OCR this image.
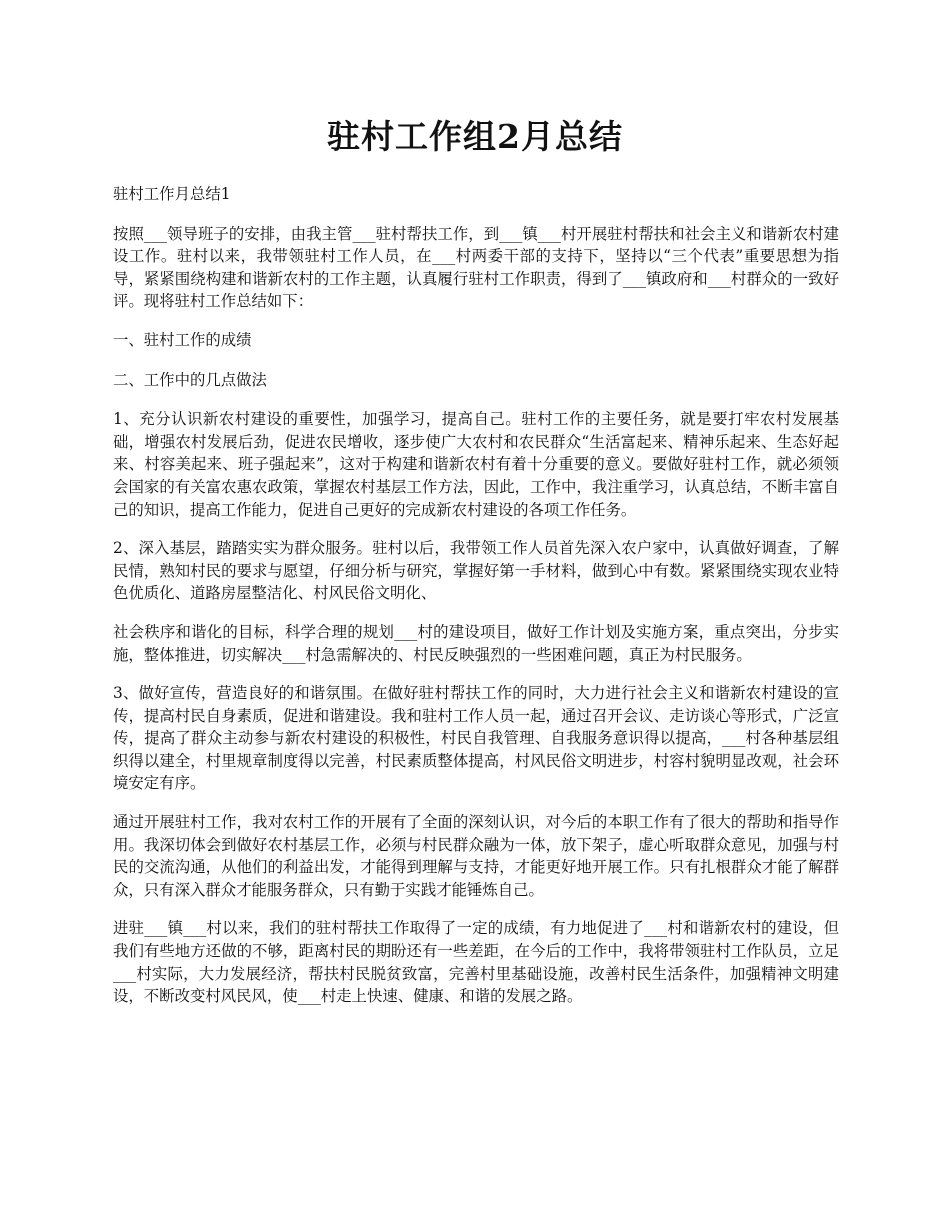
驻村工作组2月总结

驻村工作月总结1

按照___领导班子的安排，由我主管___驻村帮扶工作，到___镇___村开展驻村帮扶和社会主义和谐新农村建设工作。驻村以来，我带领驻村工作人员，在___村两委干部的支持下，坚持以“三个代表”重要思想为指导，紧紧围绕构建和谐新农村的工作主题，认真履行驻村工作职责，得到了___镇政府和___村群众的一致好评。现将驻村工作总结如下：

一、驻村工作的成绩

二、工作中的几点做法

1、充分认识新农村建设的重要性，加强学习，提高自己。驻村工作的主要任务，就是要打牢农村发展基础，增强农村发展后劲，促进农民增收，逐步使广大农村和农民群众“生活富起来、精神乐起来、生态好起来、村容美起来、班子强起来”，这对于构建和谐新农村有着十分重要的意义。要做好驻村工作，就必须领会国家的有关富农惠农政策，掌握农村基层工作方法，因此，工作中，我注重学习，认真总结，不断丰富自己的知识，提高工作能力，促进自己更好的完成新农村建设的各项工作任务。

2、深入基层，踏踏实实为群众服务。驻村以后，我带领工作人员首先深入农户家中，认真做好调查，了解民情，熟知村民的要求与愿望，仔细分析与研究，掌握好第一手材料，做到心中有数。紧紧围绕实现农业特色优质化、道路房屋整洁化、村风民俗文明化、

社会秩序和谐化的目标，科学合理的规划___村的建设项目，做好工作计划及实施方案，重点突出，分步实施，整体推进，切实解决___村急需解决的、村民反映强烈的一些困难问题，真正为村民服务。

3、做好宣传，营造良好的和谐氛围。在做好驻村帮扶工作的同时，大力进行社会主义和谐新农村建设的宣传，提高村民自身素质，促进和谐建设。我和驻村工作人员一起，通过召开会议、走访谈心等形式，广泛宣传，提高了群众主动参与新农村建设的积极性，村民自我管理、自我服务意识得以提高，___村各种基层组织得以建全，村里规章制度得以完善，村民素质整体提高，村风民俗文明进步，村容村貌明显改观，社会环境安定有序。

通过开展驻村工作，我对农村工作的开展有了全面的深刻认识，对今后的本职工作有了很大的帮助和指导作用。我深切体会到做好农村基层工作，必须与村民群众融为一体，放下架子，虚心听取群众意见，加强与村民的交流沟通，从他们的利益出发，才能得到理解与支持，才能更好地开展工作。只有扎根群众才能了解群众，只有深入群众才能服务群众，只有勤于实践才能锤炼自己。

进驻___镇___村以来，我们的驻村帮扶工作取得了一定的成绩，有力地促进了___村和谐新农村的建设，但我们有些地方还做的不够，距离村民的期盼还有一些差距，在今后的工作中，我将带领驻村工作队员，立足___村实际，大力发展经济，帮扶村民脱贫致富，完善村里基础设施，改善村民生活条件，加强精神文明建设，不断改变村风民风，使___村走上快速、健康、和谐的发展之路。
